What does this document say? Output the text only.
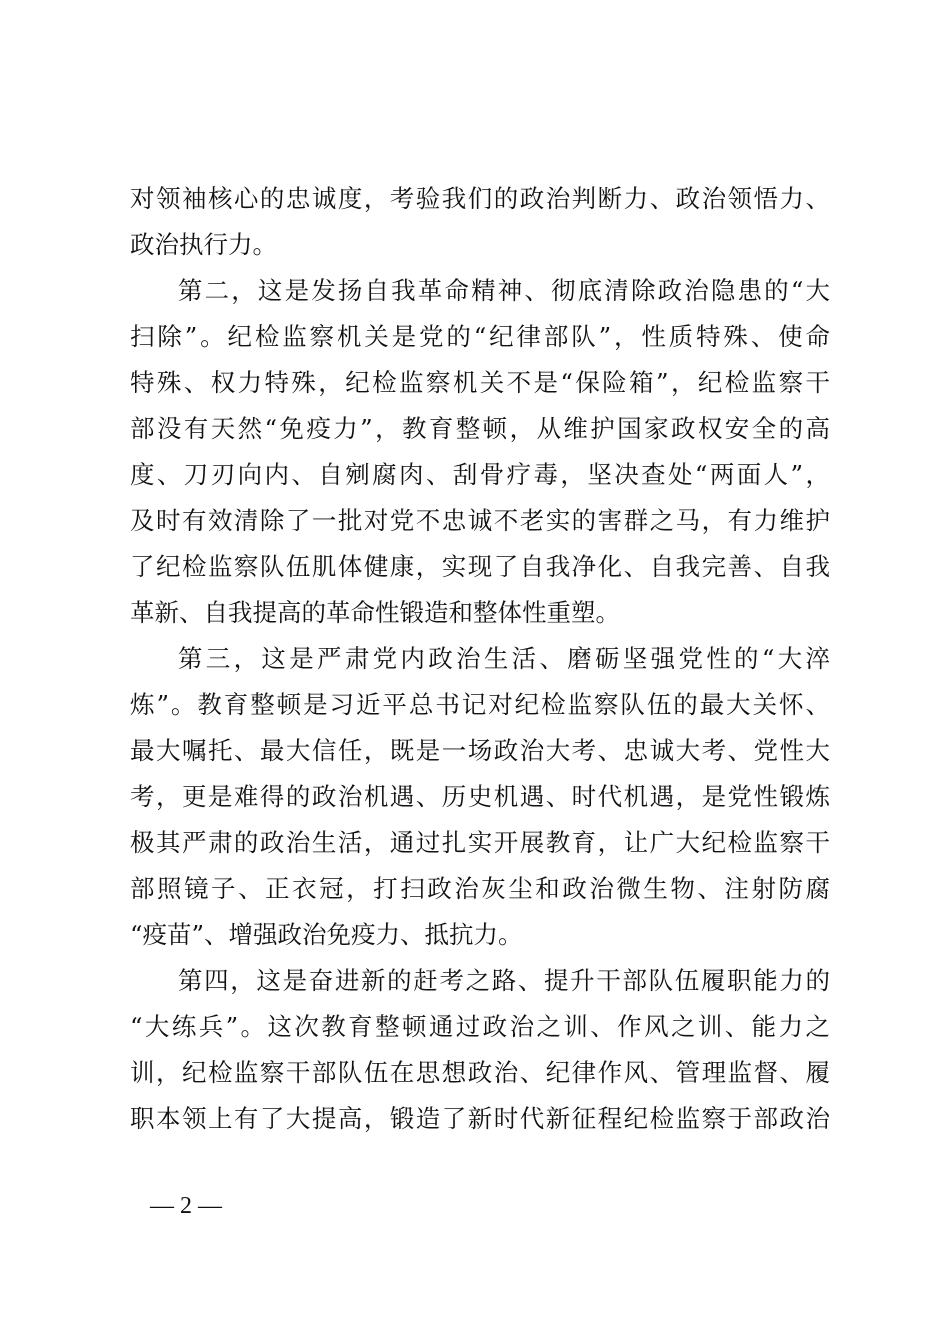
对领袖核心的忠诚度，考验我们的政治判断力、政治领悟力、
政治执行力。
第二，这是发扬自我革命精神、彻底清除政治隐患的“大
扫除”。纪检监察机关是党的“纪律部队”，性质特殊、使命
特殊、权力特殊，纪检监察机关不是“保险箱”，纪检监察干
部没有天然“免疫力”，教育整顿，从维护国家政权安全的高
度、刀刃向内、自剜腐肉、刮骨疗毒，坚决查处“两面人”，
及时有效清除了一批对党不忠诚不老实的害群之马，有力维护
了纪检监察队伍肌体健康，实现了自我净化、自我完善、自我
革新、自我提高的革命性锻造和整体性重塑。
第三，这是严肃党内政治生活、磨砺坚强党性的“大淬
炼”。教育整顿是习近平总书记对纪检监察队伍的最大关怀、
最大嘱托、最大信任，既是一场政治大考、忠诚大考、党性大
考，更是难得的政治机遇、历史机遇、时代机遇，是党性锻炼
极其严肃的政治生活，通过扎实开展教育，让广大纪检监察干
部照镜子、正衣冠，打扫政治灰尘和政治微生物、注射防腐
“疫苗”、增强政治免疫力、抵抗力。
第四，这是奋进新的赶考之路、提升干部队伍履职能力的
“大练兵”。这次教育整顿通过政治之训、作风之训、能力之
训，纪检监察干部队伍在思想政治、纪律作风、管理监督、履
职本领上有了大提高，锻造了新时代新征程纪检监察于部政治
— 2 —
